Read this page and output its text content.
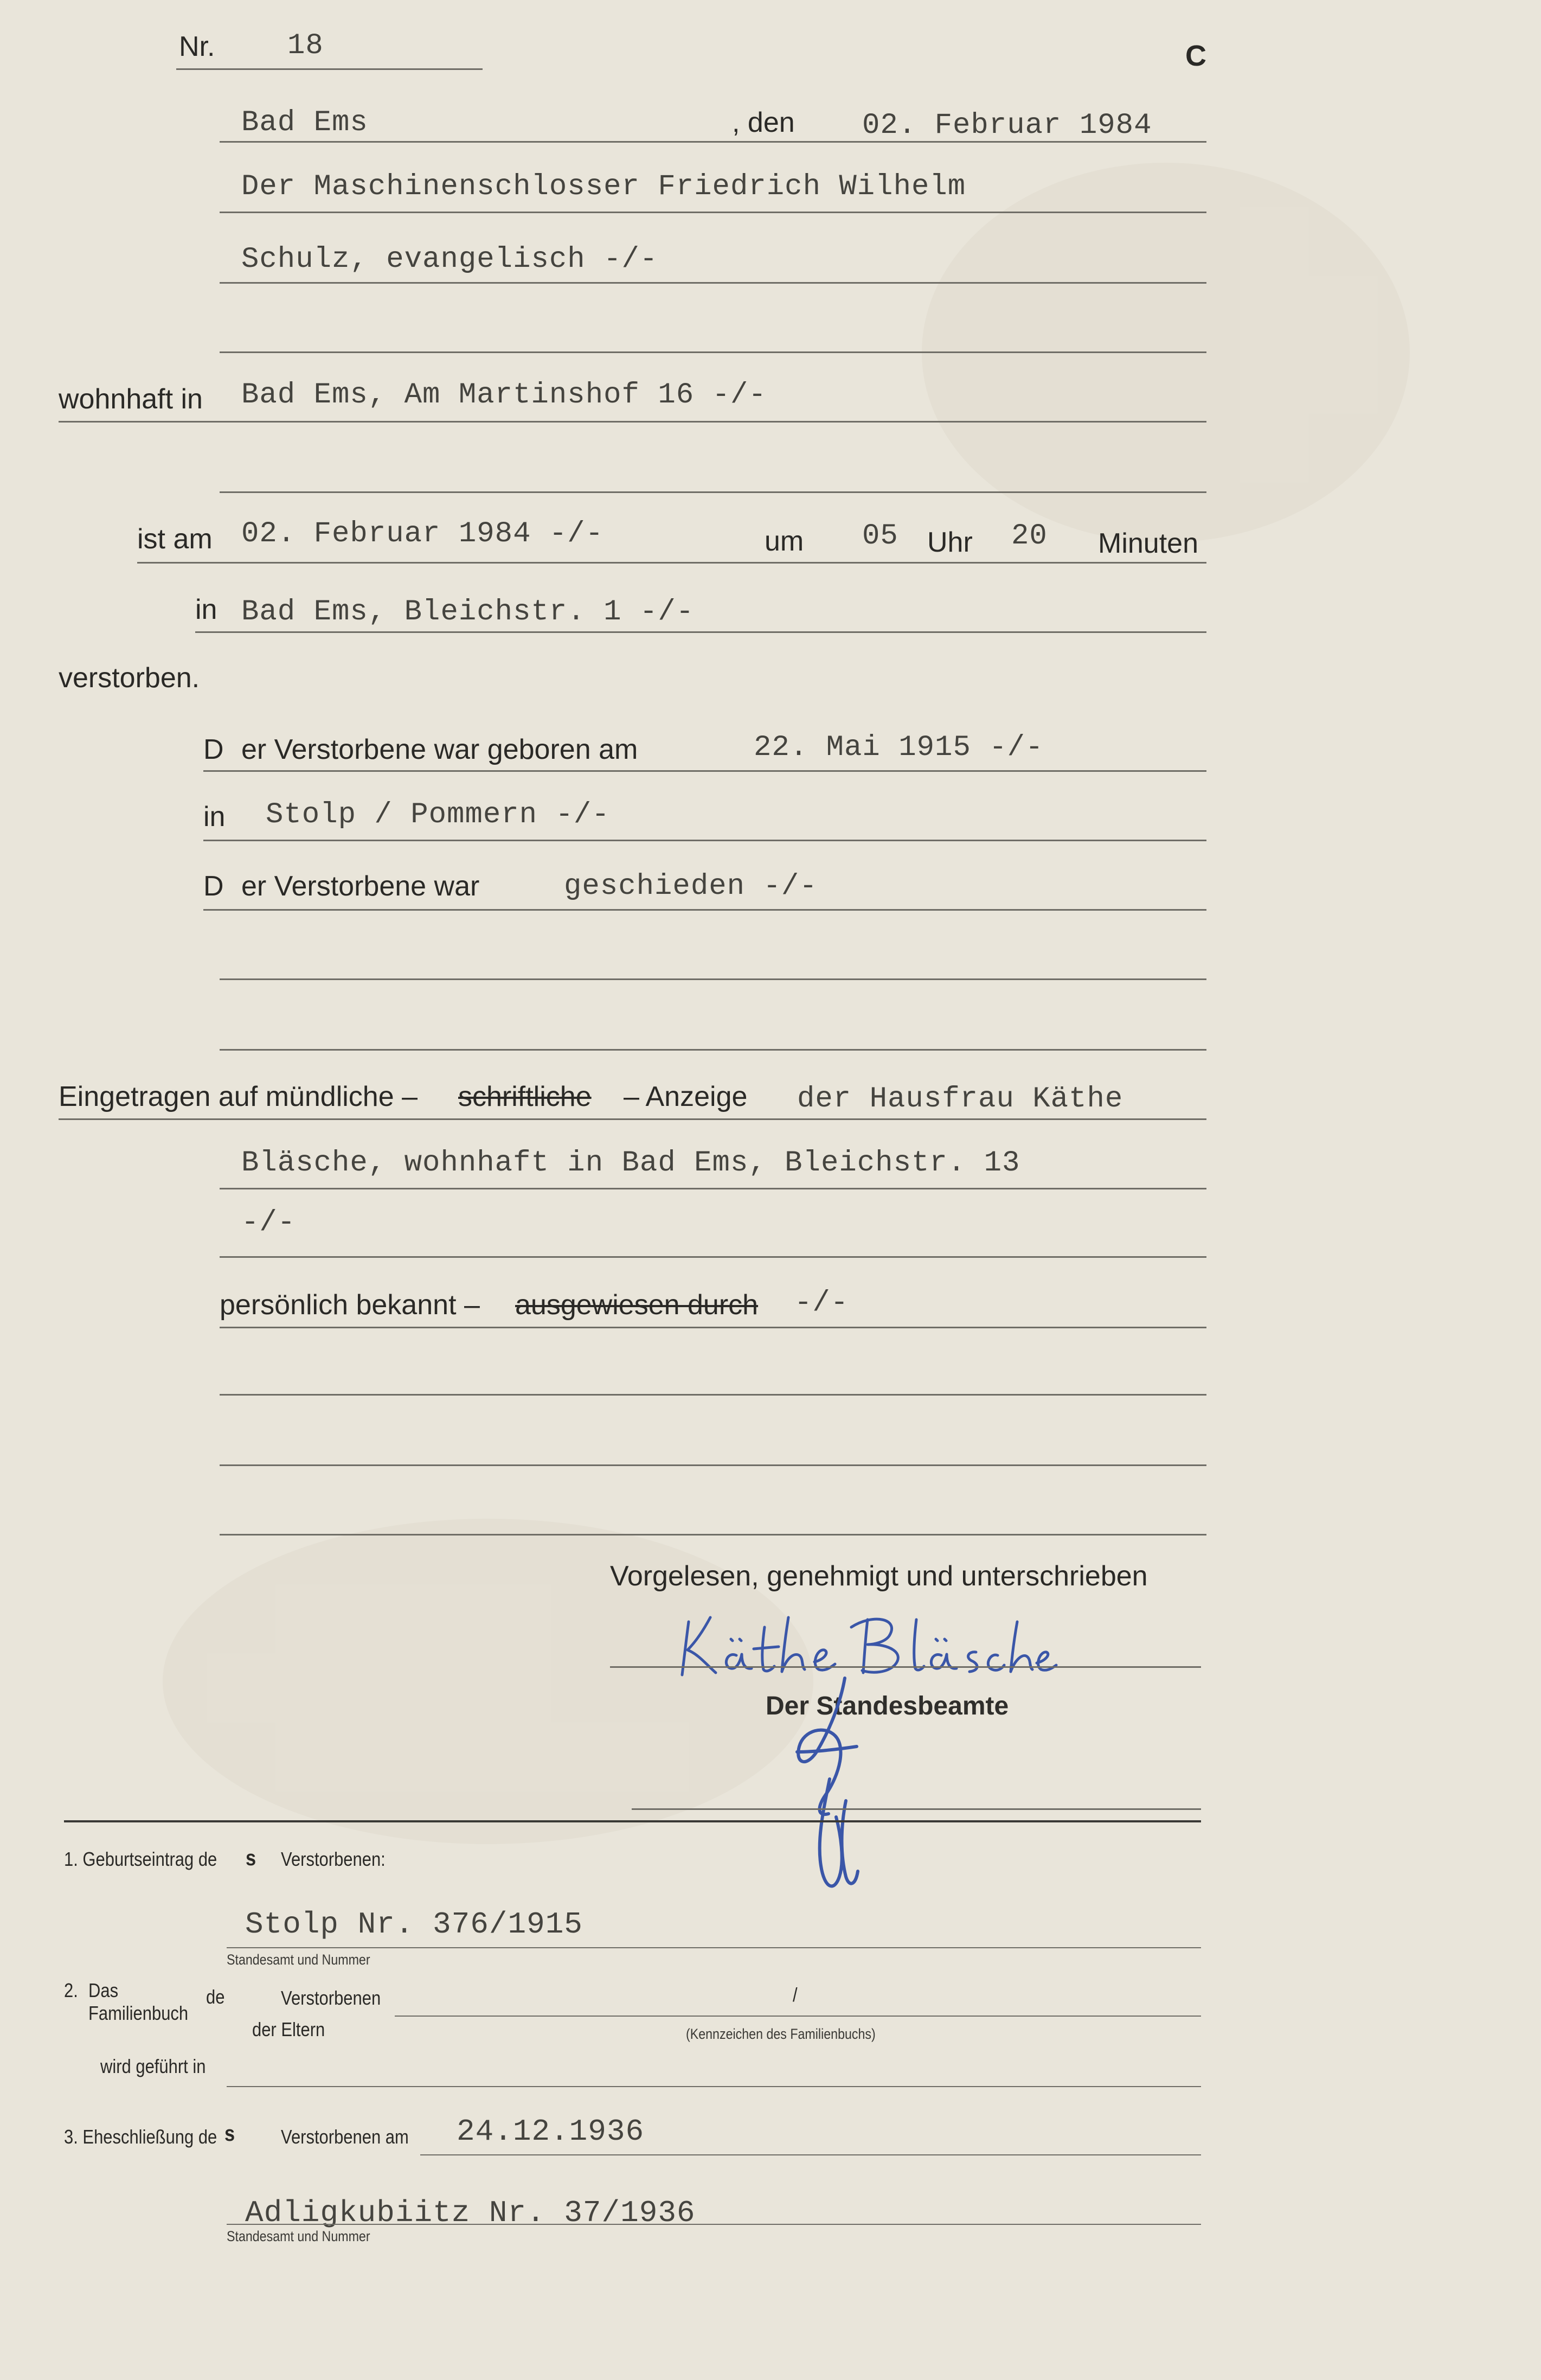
Nr. 18	C
Bad Ems	, den 02. Februar 1984
Der Maschinenschlosser Friedrich Wilhelm
Schulz, evangelisch -/-
wohnhaft in Bad Ems, Am Martinshof 16 -/-
ist am 02. Februar 1984 -/-	um 05 Uhr 20 Minuten
in Bad Ems, Bleichstr. 1 -/-
verstorben.
D er Verstorbene war geboren am	22. Mai 1915 -/-
in Stolp / Pommern -/-
D er Verstorbene war	geschieden -/-
Eingetragen auf mündliche – schriftliche – Anzeige der Hausfrau Käthe
Bläsche, wohnhaft in Bad Ems, Bleichstr. 13
-/-
persönlich bekannt – ausgewiesen durch -/-
Vorgelesen, genehmigt und unterschrieben
Der Standesbeamte
1. Geburtseintrag de s Verstorbenen:
Stolp Nr. 376/1915
Standesamt und Nummer
2. Das
Familienbuch
de	Verstorbenen	/
der Eltern	(Kennzeichen des Familienbuchs)
wird geführt in
3. Eheschließung de s Verstorbenen am 24.12.1936
Adligkubiitz Nr. 37/1936
Standesamt und Nummer
